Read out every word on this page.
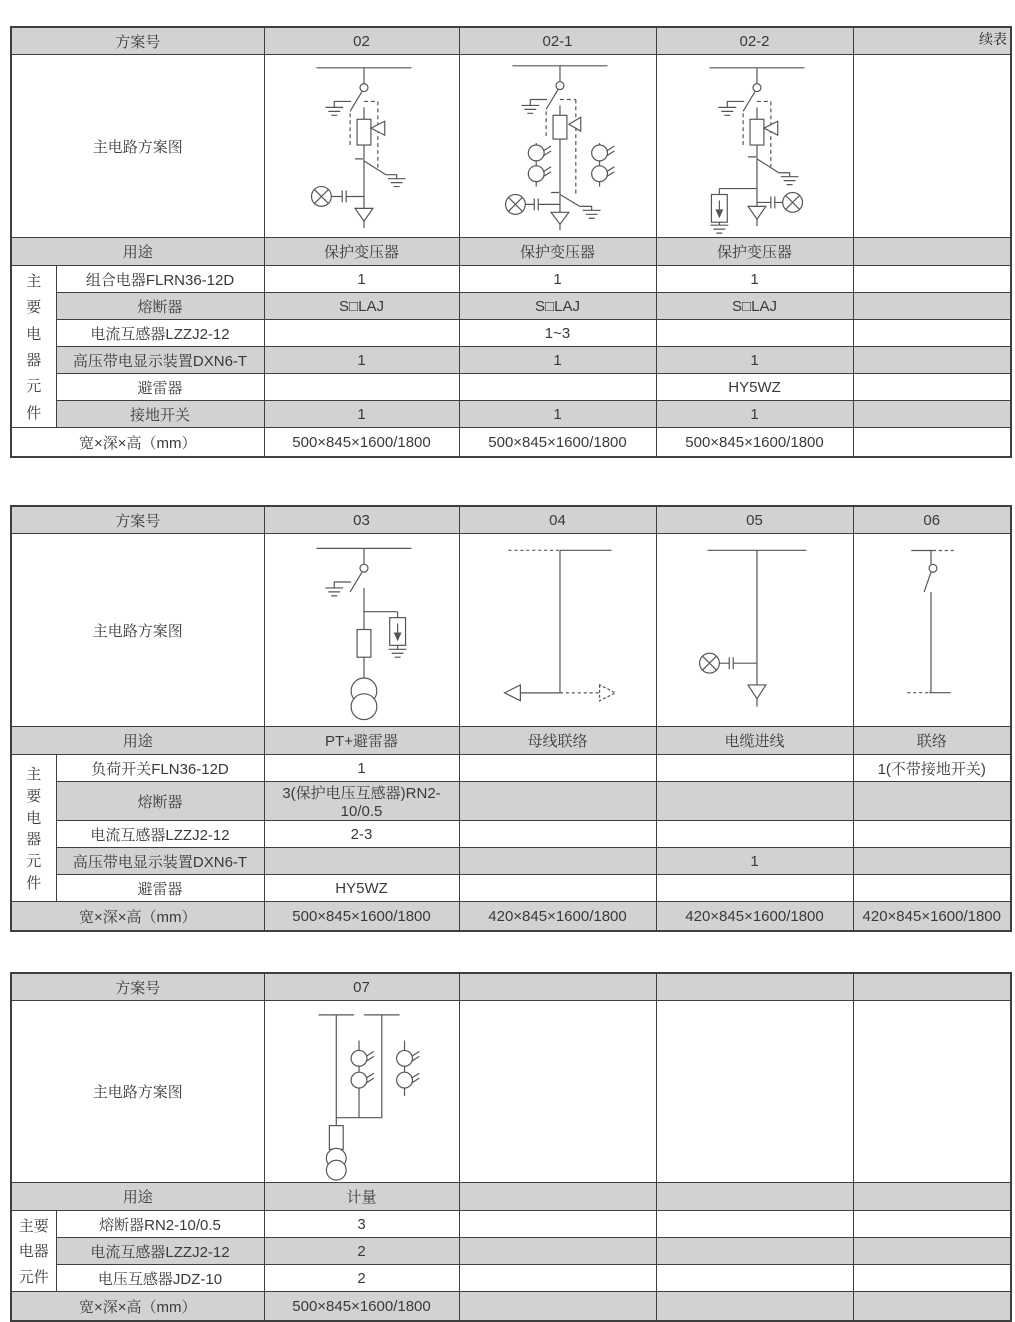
续表
方案号		02	02-1	02-2	
主电路方案图	

用途		保护变压器	保护变压器	保护变压器	

主
要
电
器
元
件
	组合电器FLRN36-12D	1	1	1	
	熔断器	S□LAJ	S□LAJ	S□LAJ	
	电流互感器LZZJ2-12		1~3		
	高压带电显示装置DXN6-T	1	1	1	
	避雷器			HY5WZ	
	接地开关	1	1	1	
宽×深×高（mm）		500×845×1600/1800	500×845×1600/1800	500×845×1600/1800	
方案号		03	04	05	06
主电路方案图	

用途		PT+避雷器	母线联络	电缆进线	联络

主
要
电
器
元
件
	负荷开关FLN36-12D	1			1(不带接地开关)
	熔断器	3(保护电压互感器)RN2-10/0.5			
	电流互感器LZZJ2-12	2-3			
	高压带电显示装置DXN6-T			1	
	避雷器	HY5WZ			
宽×深×高（mm）		500×845×1600/1800	420×845×1600/1800	420×845×1600/1800	420×845×1600/1800
方案号		07			
主电路方案图	

用途		计量			

主要
电器
元件	熔断器RN2-10/0.5	3			
	电流互感器LZZJ2-12	2			
	电压互感器JDZ-10	2			
宽×深×高（mm）		500×845×1600/1800			
